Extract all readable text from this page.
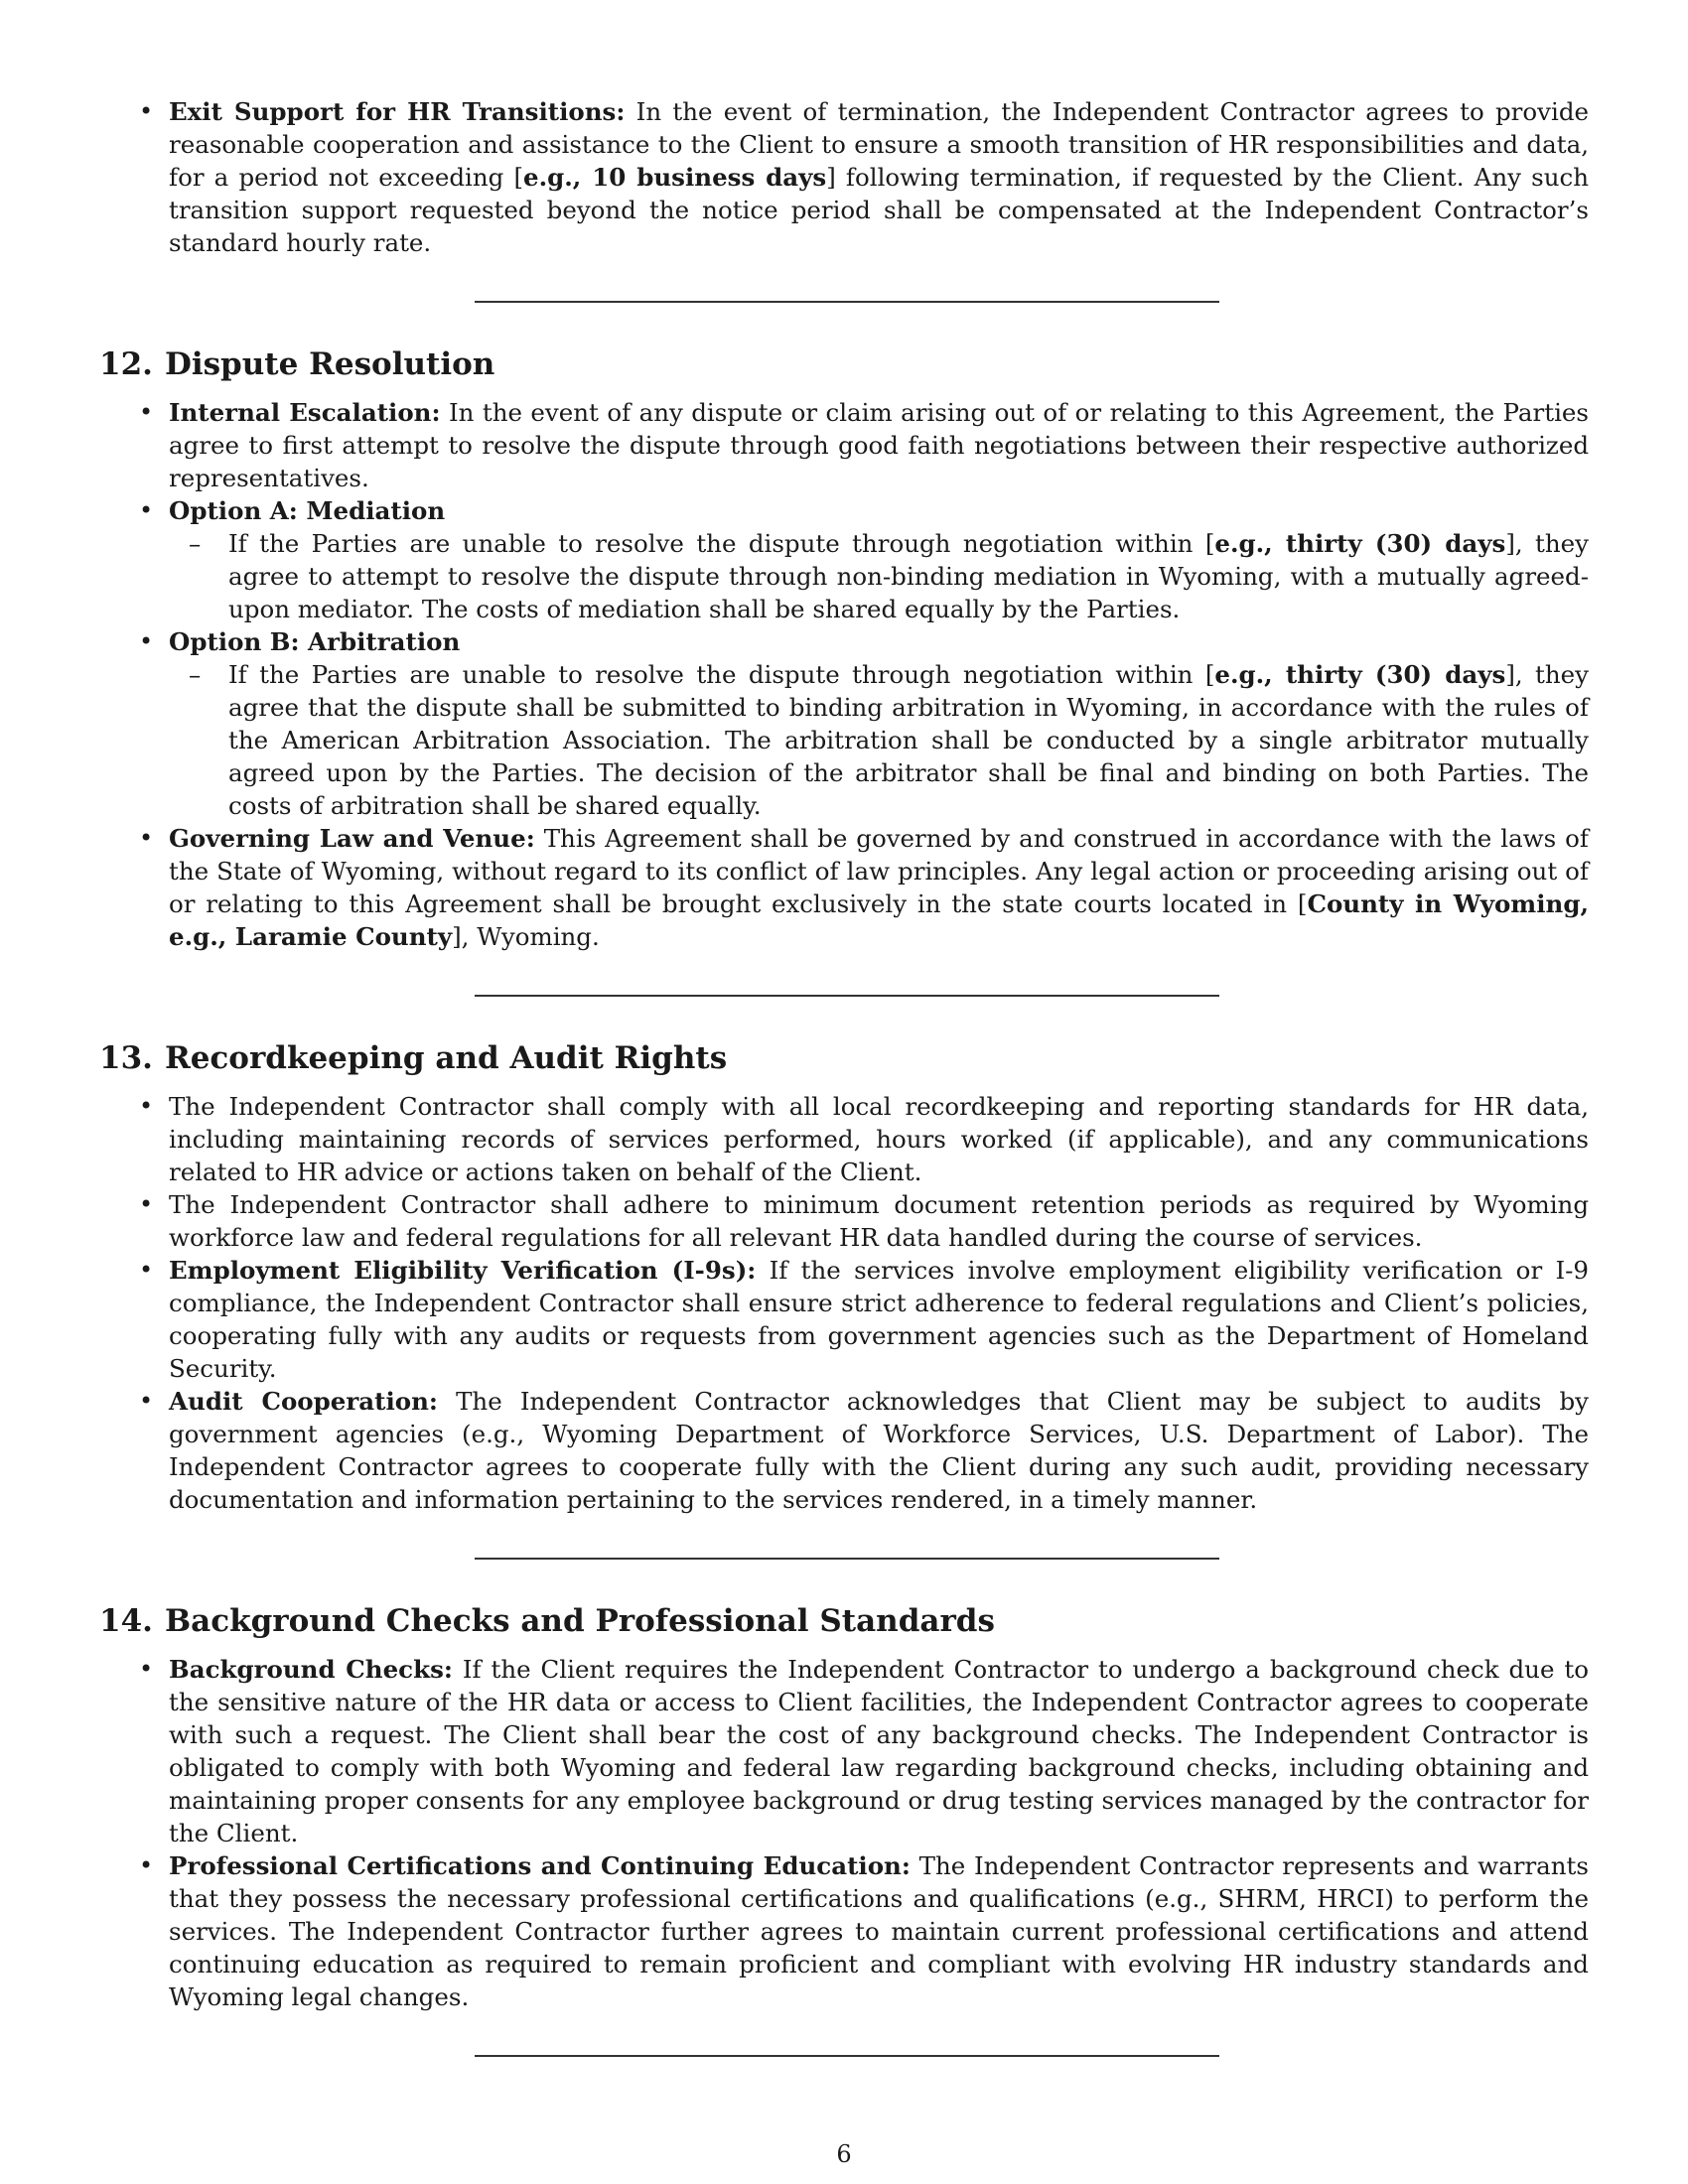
• Exit Support for HR Transitions: In the event of termination, the Independent Contractor agrees to provide reasonable cooperation and assistance to the Client to ensure a smooth transition of HR responsibilities and data, for a period not exceeding [e.g., 10 business days] following termination, if requested by the Client. Any such transition support requested beyond the notice period shall be compensated at the Independent Contractor’s standard hourly rate.
12. Dispute Resolution
• Internal Escalation: In the event of any dispute or claim arising out of or relating to this Agreement, the Parties agree to first attempt to resolve the dispute through good faith negotiations between their respective authorized representatives.
• Option A: Mediation
– If the Parties are unable to resolve the dispute through negotiation within [e.g., thirty (30) days], they agree to attempt to resolve the dispute through non-binding mediation in Wyoming, with a mutually agreed-upon mediator. The costs of mediation shall be shared equally by the Parties.
• Option B: Arbitration
– If the Parties are unable to resolve the dispute through negotiation within [e.g., thirty (30) days], they agree that the dispute shall be submitted to binding arbitration in Wyoming, in accordance with the rules of the American Arbitration Association. The arbitration shall be conducted by a single arbitrator mutually agreed upon by the Parties. The decision of the arbitrator shall be final and binding on both Parties. The costs of arbitration shall be shared equally.
• Governing Law and Venue: This Agreement shall be governed by and construed in accordance with the laws of the State of Wyoming, without regard to its conflict of law principles. Any legal action or proceeding arising out of or relating to this Agreement shall be brought exclusively in the state courts located in [County in Wyoming, e.g., Laramie County], Wyoming.
13. Recordkeeping and Audit Rights
• The Independent Contractor shall comply with all local recordkeeping and reporting standards for HR data, including maintaining records of services performed, hours worked (if applicable), and any communications related to HR advice or actions taken on behalf of the Client.
• The Independent Contractor shall adhere to minimum document retention periods as required by Wyoming workforce law and federal regulations for all relevant HR data handled during the course of services.
• Employment Eligibility Verification (I-9s): If the services involve employment eligibility verification or I-9 compliance, the Independent Contractor shall ensure strict adherence to federal regulations and Client’s policies, cooperating fully with any audits or requests from government agencies such as the Department of Homeland Security.
• Audit Cooperation: The Independent Contractor acknowledges that Client may be subject to audits by government agencies (e.g., Wyoming Department of Workforce Services, U.S. Department of Labor). The Independent Contractor agrees to cooperate fully with the Client during any such audit, providing necessary documentation and information pertaining to the services rendered, in a timely manner.
14. Background Checks and Professional Standards
• Background Checks: If the Client requires the Independent Contractor to undergo a background check due to the sensitive nature of the HR data or access to Client facilities, the Independent Contractor agrees to cooperate with such a request. The Client shall bear the cost of any background checks. The Independent Contractor is obligated to comply with both Wyoming and federal law regarding background checks, including obtaining and maintaining proper consents for any employee background or drug testing services managed by the contractor for the Client.
• Professional Certifications and Continuing Education: The Independent Contractor represents and warrants that they possess the necessary professional certifications and qualifications (e.g., SHRM, HRCI) to perform the services. The Independent Contractor further agrees to maintain current professional certifications and attend continuing education as required to remain proficient and compliant with evolving HR industry standards and Wyoming legal changes.
6
